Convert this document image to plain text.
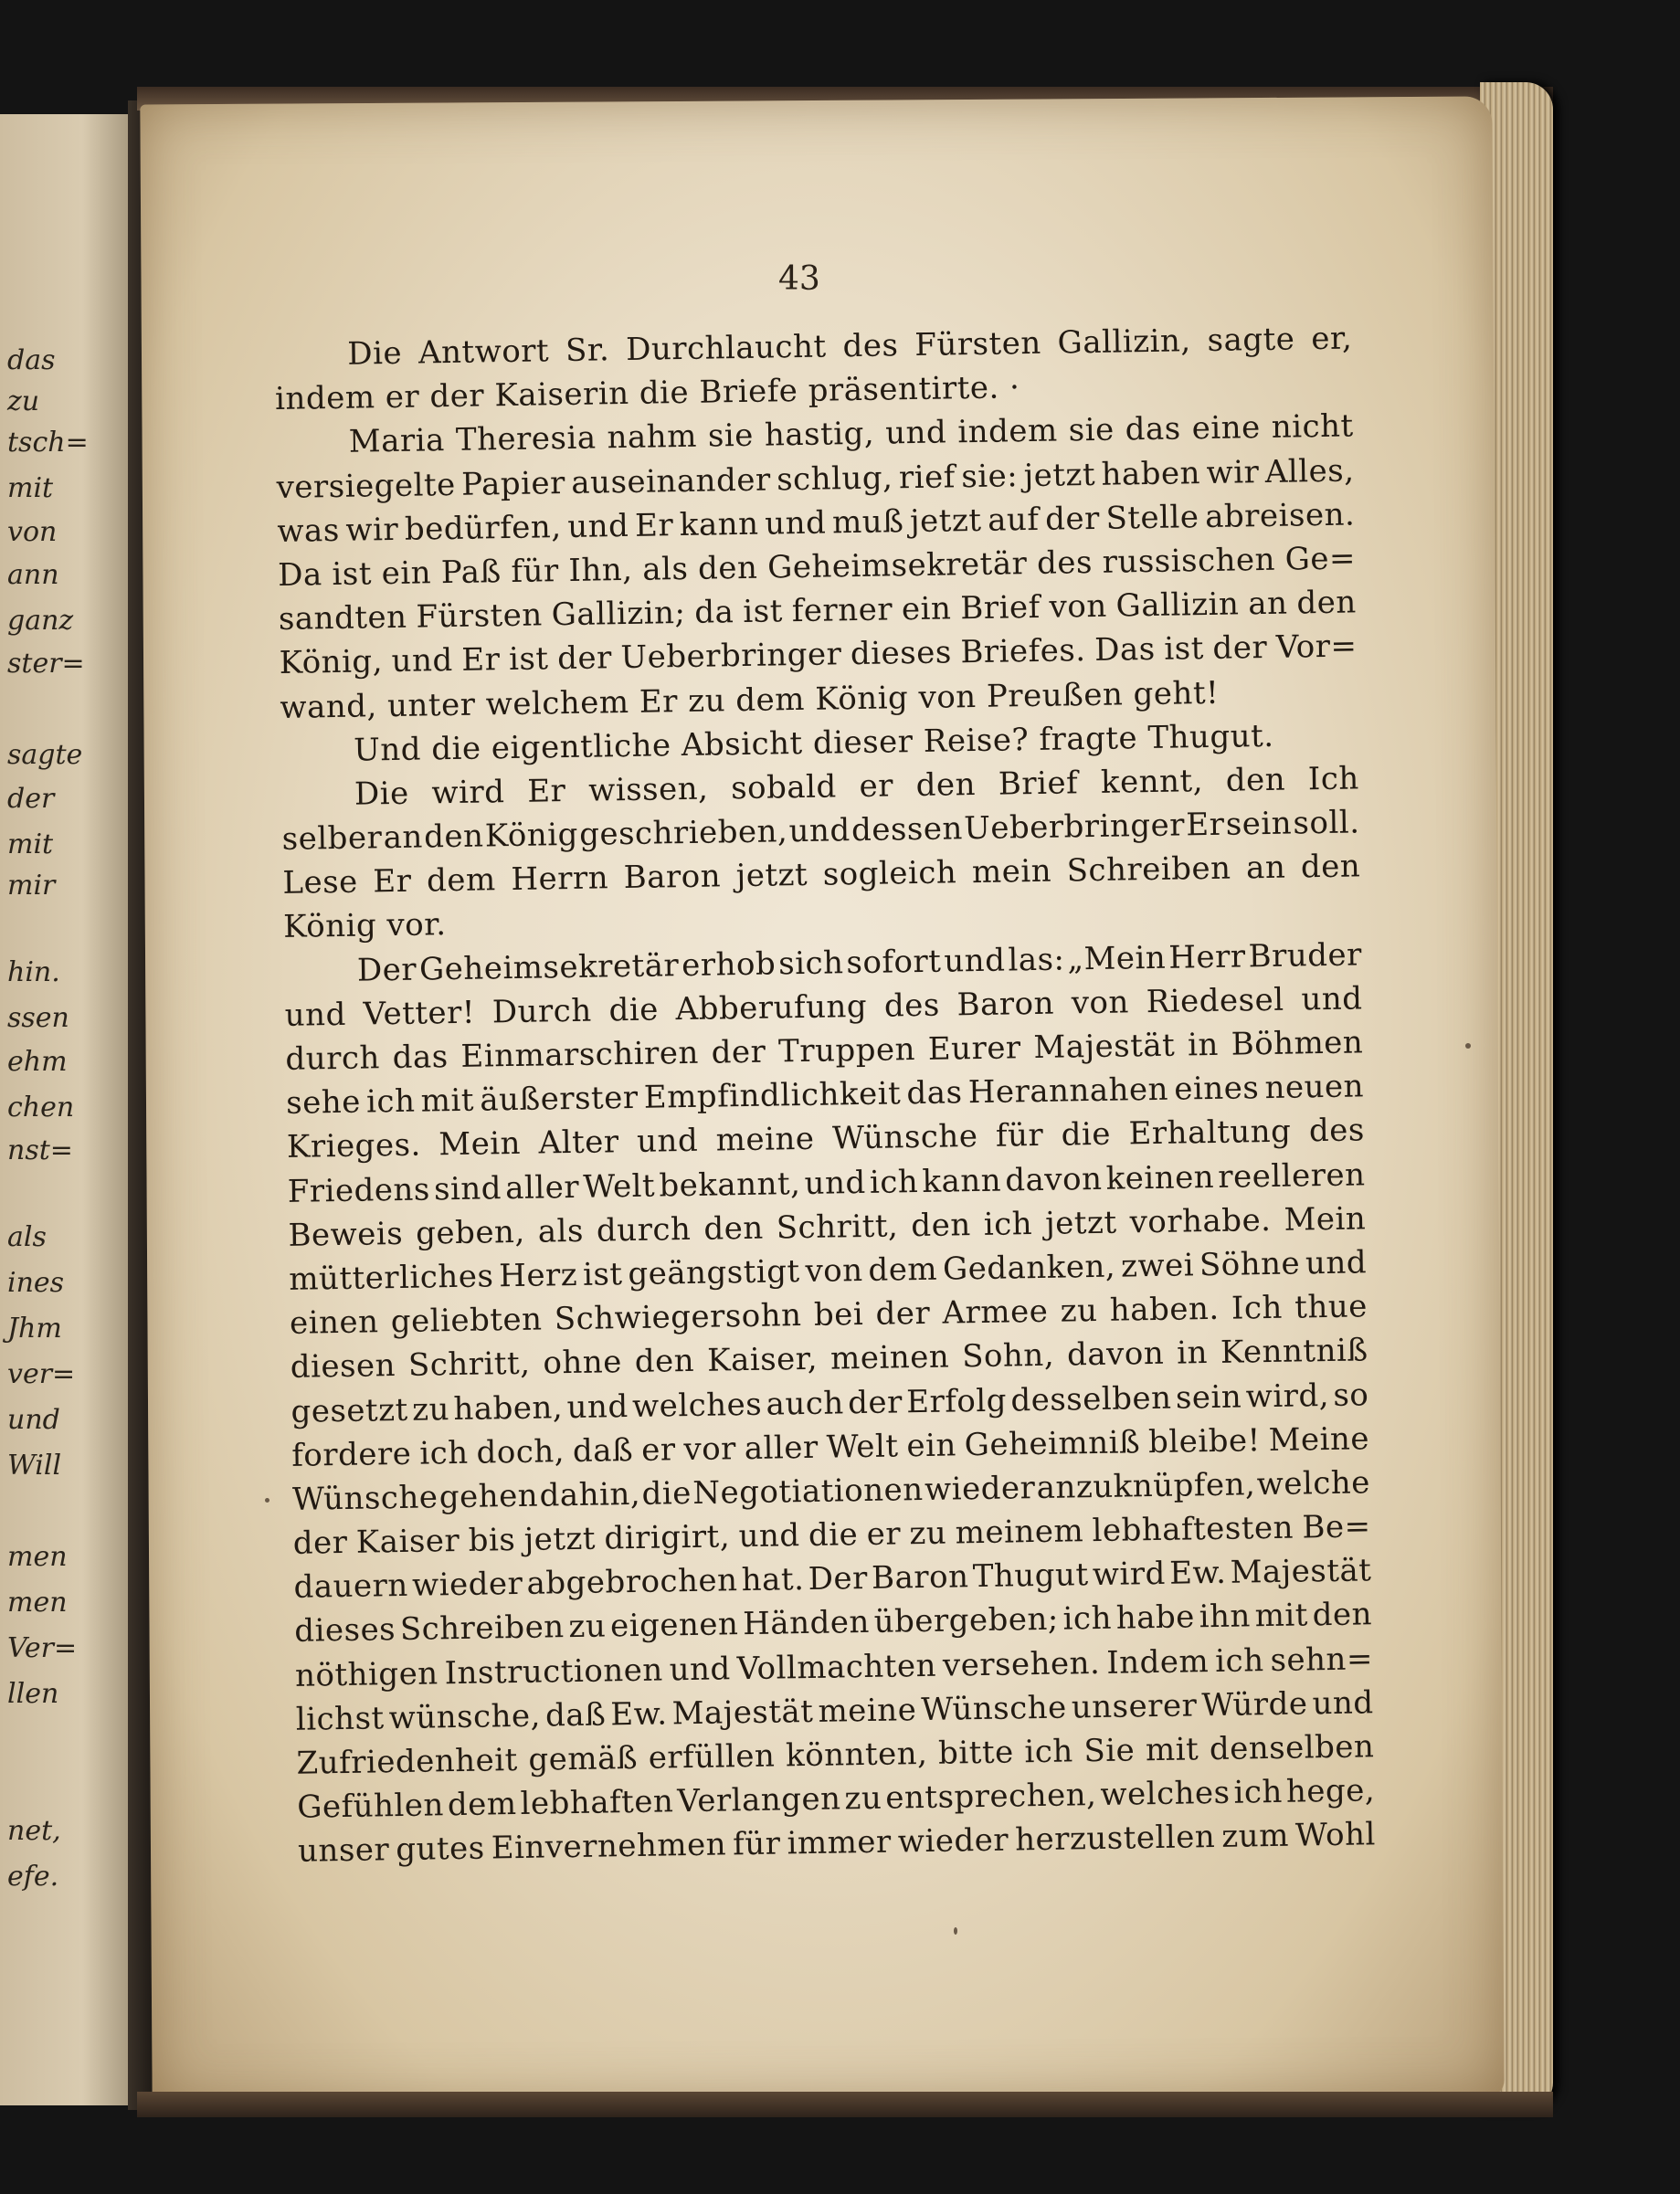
das
zu
tsch=
mit
von
ann
ganz
ster=
sagte
der
mit
mir
hin.
ssen
ehm
chen
nst=
als
ines
Jhm
ver=
und
Will
men
men
Ver=
llen
net,
efe.
43
Die Antwort Sr. Durchlaucht des Fürsten Gallizin, sagte er,
indem er der Kaiserin die Briefe präsentirte. ·
Maria Theresia nahm sie hastig, und indem sie das eine nicht
versiegelte Papier auseinander schlug, rief sie: jetzt haben wir Alles,
was wir bedürfen, und Er kann und muß jetzt auf der Stelle abreisen.
Da ist ein Paß für Ihn, als den Geheimsekretär des russischen Ge=
sandten Fürsten Gallizin; da ist ferner ein Brief von Gallizin an den
König, und Er ist der Ueberbringer dieses Briefes. Das ist der Vor=
wand, unter welchem Er zu dem König von Preußen geht!
Und die eigentliche Absicht dieser Reise? fragte Thugut.
Die wird Er wissen, sobald er den Brief kennt, den Ich
selber an den König geschrieben, und dessen Ueberbringer Er sein soll.
Lese Er dem Herrn Baron jetzt sogleich mein Schreiben an den
König vor.
Der Geheimsekretär erhob sich sofort und las: „Mein Herr Bruder
und Vetter! Durch die Abberufung des Baron von Riedesel und
durch das Einmarschiren der Truppen Eurer Majestät in Böhmen
sehe ich mit äußerster Empfindlichkeit das Herannahen eines neuen
Krieges. Mein Alter und meine Wünsche für die Erhaltung des
Friedens sind aller Welt bekannt, und ich kann davon keinen reelleren
Beweis geben, als durch den Schritt, den ich jetzt vorhabe. Mein
mütterliches Herz ist geängstigt von dem Gedanken, zwei Söhne und
einen geliebten Schwiegersohn bei der Armee zu haben. Ich thue
diesen Schritt, ohne den Kaiser, meinen Sohn, davon in Kenntniß
gesetzt zu haben, und welches auch der Erfolg desselben sein wird, so
fordere ich doch, daß er vor aller Welt ein Geheimniß bleibe! Meine
Wünsche gehen dahin, die Negotiationen wieder anzuknüpfen, welche
der Kaiser bis jetzt dirigirt, und die er zu meinem lebhaftesten Be=
dauern wieder abgebrochen hat. Der Baron Thugut wird Ew. Majestät
dieses Schreiben zu eigenen Händen übergeben; ich habe ihn mit den
nöthigen Instructionen und Vollmachten versehen. Indem ich sehn=
lichst wünsche, daß Ew. Majestät meine Wünsche unserer Würde und
Zufriedenheit gemäß erfüllen könnten, bitte ich Sie mit denselben
Gefühlen dem lebhaften Verlangen zu entsprechen, welches ich hege,
unser gutes Einvernehmen für immer wieder herzustellen zum Wohl
